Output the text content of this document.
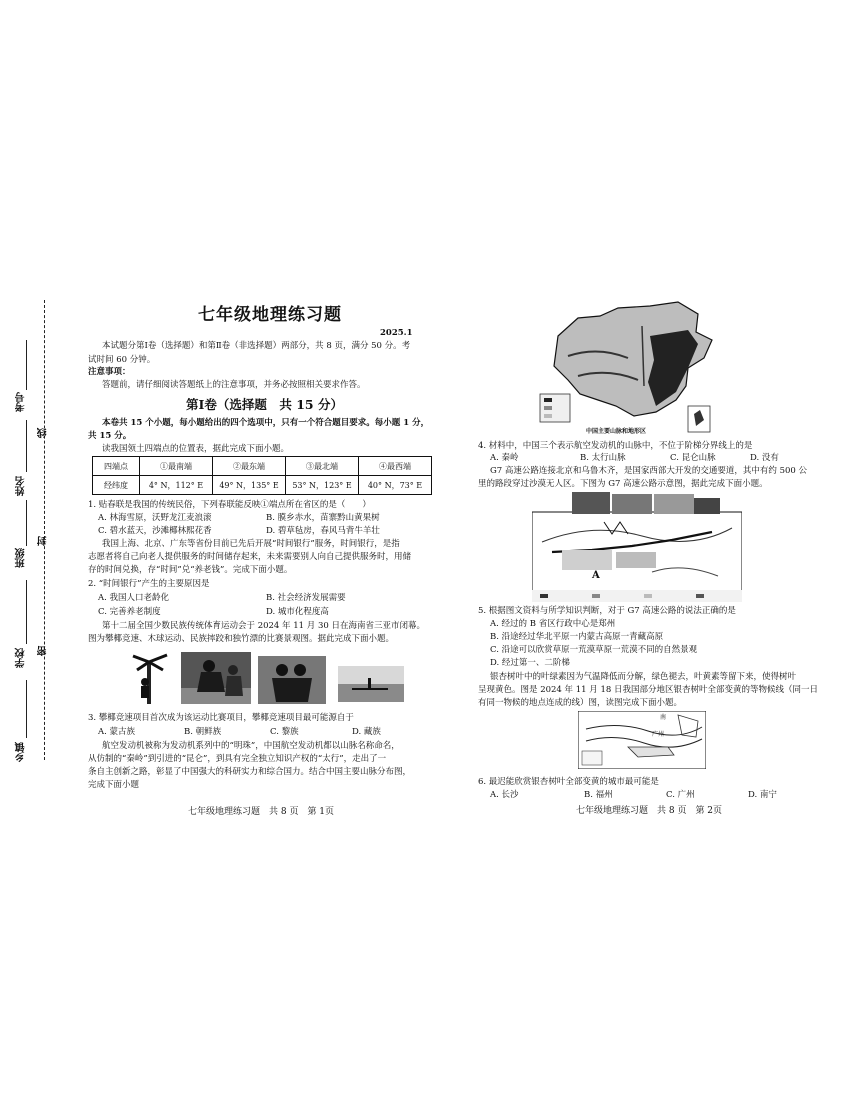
考号
线
姓名
班级
封
学校 密
乡镇
七年级地理练习题
2025.1
本试题分第Ⅰ卷（选择题）和第Ⅱ卷（非选择题）两部分，共 8 页，满分 50 分。考
试时间 60 分钟。
注意事项：
答题前，请仔细阅读答题纸上的注意事项，并务必按照相关要求作答。
第Ⅰ卷（选择题　共 15 分）
本卷共 15 个小题，每小题给出的四个选项中，只有一个符合题目要求。每小题 1 分，
共 15 分。
读我国领土四端点的位置表，据此完成下面小题。
四端点	①最南端	②最东端	③最北端	④最西端
经纬度	4° N，112° E	49° N，135° E	53° N，123° E	40° N，73° E
1. 贴春联是我国的传统民俗，下列春联能反映①端点所在省区的是（　　）
A. 林海雪原，沃野龙江麦浪滚	B. 膜乡赤水，苗寨黔山黄果树
C. 碧水蓝天，沙滩椰林熙花香	D. 碧草毡房，春风马背牛羊壮
我国上海、北京、广东等省份目前已先后开展“时间银行”服务，时间银行，是指
志愿者将自己向老人提供服务的时间储存起来，未来需要别人向自己提供服务时，用储
存的时间兑换，存“时间”兑“养老钱”。完成下面小题。
2. “时间银行”产生的主要原因是
A. 我国人口老龄化	B. 社会经济发展需要
C. 完善养老制度	D. 城市化程度高
第十二届全国少数民族传统体育运动会于 2024 年 11 月 30 日在海南省三亚市闭幕。
图为攀椰竞速、木球运动、民族摔跤和独竹漂的比赛景观图。据此完成下面小题。
3. 攀椰竞速项目首次成为该运动比赛项目，攀椰竞速项目最可能源自于
A. 蒙古族	B. 朝鲜族	C. 黎族	D. 藏族
航空发动机被称为发动机系列中的“明珠”，中国航空发动机都以山脉名称命名，
从仿制的“秦岭”到引进的“昆仑”，到具有完全独立知识产权的“太行”，走出了一
条自主创新之路，彰显了中国强大的科研实力和综合国力。结合中国主要山脉分布图，
完成下面小题
七年级地理练习题　共 8 页　第 1页
中国主要山脉和地形区
4. 材料中，中国三个表示航空发动机的山脉中，不位于阶梯分界线上的是
A. 秦岭	B. 太行山脉	C. 昆仑山脉	D. 没有
G7 高速公路连接北京和乌鲁木齐，是国家西部大开发的交通要道，其中有约 500 公
里的路段穿过沙漠无人区。下图为 G7 高速公路示意图，据此完成下面小题。
A
5. 根据图文资料与所学知识判断，对于 G7 高速公路的说法正确的是
A. 经过的 B 省区行政中心是郑州
B. 沿途经过华北平原一内蒙古高原一青藏高原
C. 沿途可以欣赏草原一荒漠草原一荒漠不同的自然景观
D. 经过第一、二阶梯
银杏树叶中的叶绿素因为气温降低而分解，绿色褪去，叶黄素等留下来，使得树叶
呈现黄色。图是 2024 年 11 月 18 日我国部分地区银杏树叶全部变黄的等物候线（同一日
有同一物候的地点连成的线）图，读图完成下面小题。
广州
南
6. 最迟能欣赏银杏树叶全部变黄的城市最可能是
A. 长沙	B. 福州	C. 广州	D. 南宁
七年级地理练习题　共 8 页　第 2页
